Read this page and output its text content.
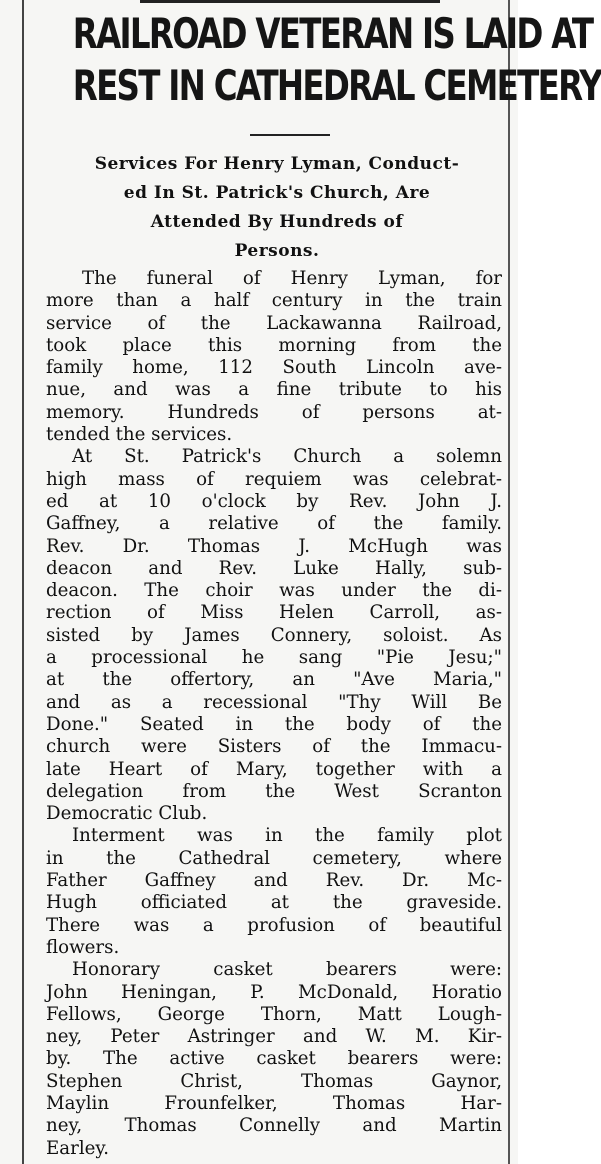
RAILROAD VETERAN IS LAID AT
REST IN CATHEDRAL CEMETERY
Services For Henry Lyman, Conduct-
ed In St. Patrick's Church, Are
Attended By Hundreds of
Persons.
The funeral of Henry Lyman, for
more than a half century in the train
service of the Lackawanna Railroad,
took place this morning from the
family home, 112 South Lincoln ave-
nue, and was a fine tribute to his
memory. Hundreds of persons at-
tended the services.
At St. Patrick's Church a solemn
high mass of requiem was celebrat-
ed at 10 o'clock by Rev. John J.
Gaffney, a relative of the family.
Rev. Dr. Thomas J. McHugh was
deacon and Rev. Luke Hally, sub-
deacon. The choir was under the di-
rection of Miss Helen Carroll, as-
sisted by James Connery, soloist. As
a processional he sang "Pie Jesu;"
at the offertory, an "Ave Maria,"
and as a recessional "Thy Will Be
Done." Seated in the body of the
church were Sisters of the Immacu-
late Heart of Mary, together with a
delegation from the West Scranton
Democratic Club.
Interment was in the family plot
in the Cathedral cemetery, where
Father Gaffney and Rev. Dr. Mc-
Hugh officiated at the graveside.
There was a profusion of beautiful
flowers.
Honorary casket bearers were:
John Heningan, P. McDonald, Horatio
Fellows, George Thorn, Matt Lough-
ney, Peter Astringer and W. M. Kir-
by. The active casket bearers were:
Stephen Christ, Thomas Gaynor,
Maylin Frounfelker, Thomas Har-
ney, Thomas Connelly and Martin
Earley.
